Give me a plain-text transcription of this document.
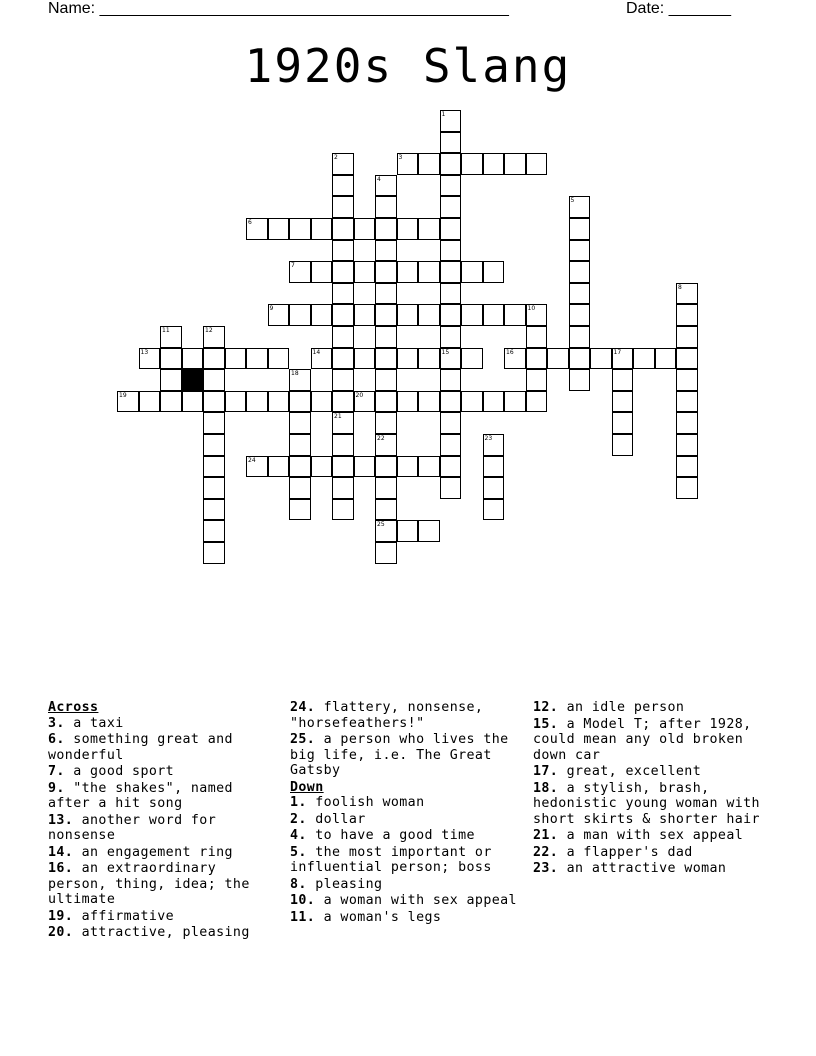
Name: ______________________________________________	Date: _______
1920s Slang
3
6
7
9	10
13	14	15	16	17
19	20
24
25
1
2
21
4
22
5
8
11	12
18
23
Across
3. a taxi
6. something great and wonderful
7. a good sport
9. "the shakes", named after a hit song
13. another word for nonsense
14. an engagement ring
16. an extraordinary person, thing, idea; the ultimate
19. affirmative
20. attractive, pleasing
24. flattery, nonsense, "horsefeathers!"
25. a person who lives the big life, i.e. The Great Gatsby
Down
1. foolish woman
2. dollar
4. to have a good time
5. the most important or influential person; boss
8. pleasing
10. a woman with sex appeal
11. a woman's legs
12. an idle person
15. a Model T; after 1928, could mean any old broken down car
17. great, excellent
18. a stylish, brash, hedonistic young woman with short skirts & shorter hair
21. a man with sex appeal
22. a flapper's dad
23. an attractive woman
